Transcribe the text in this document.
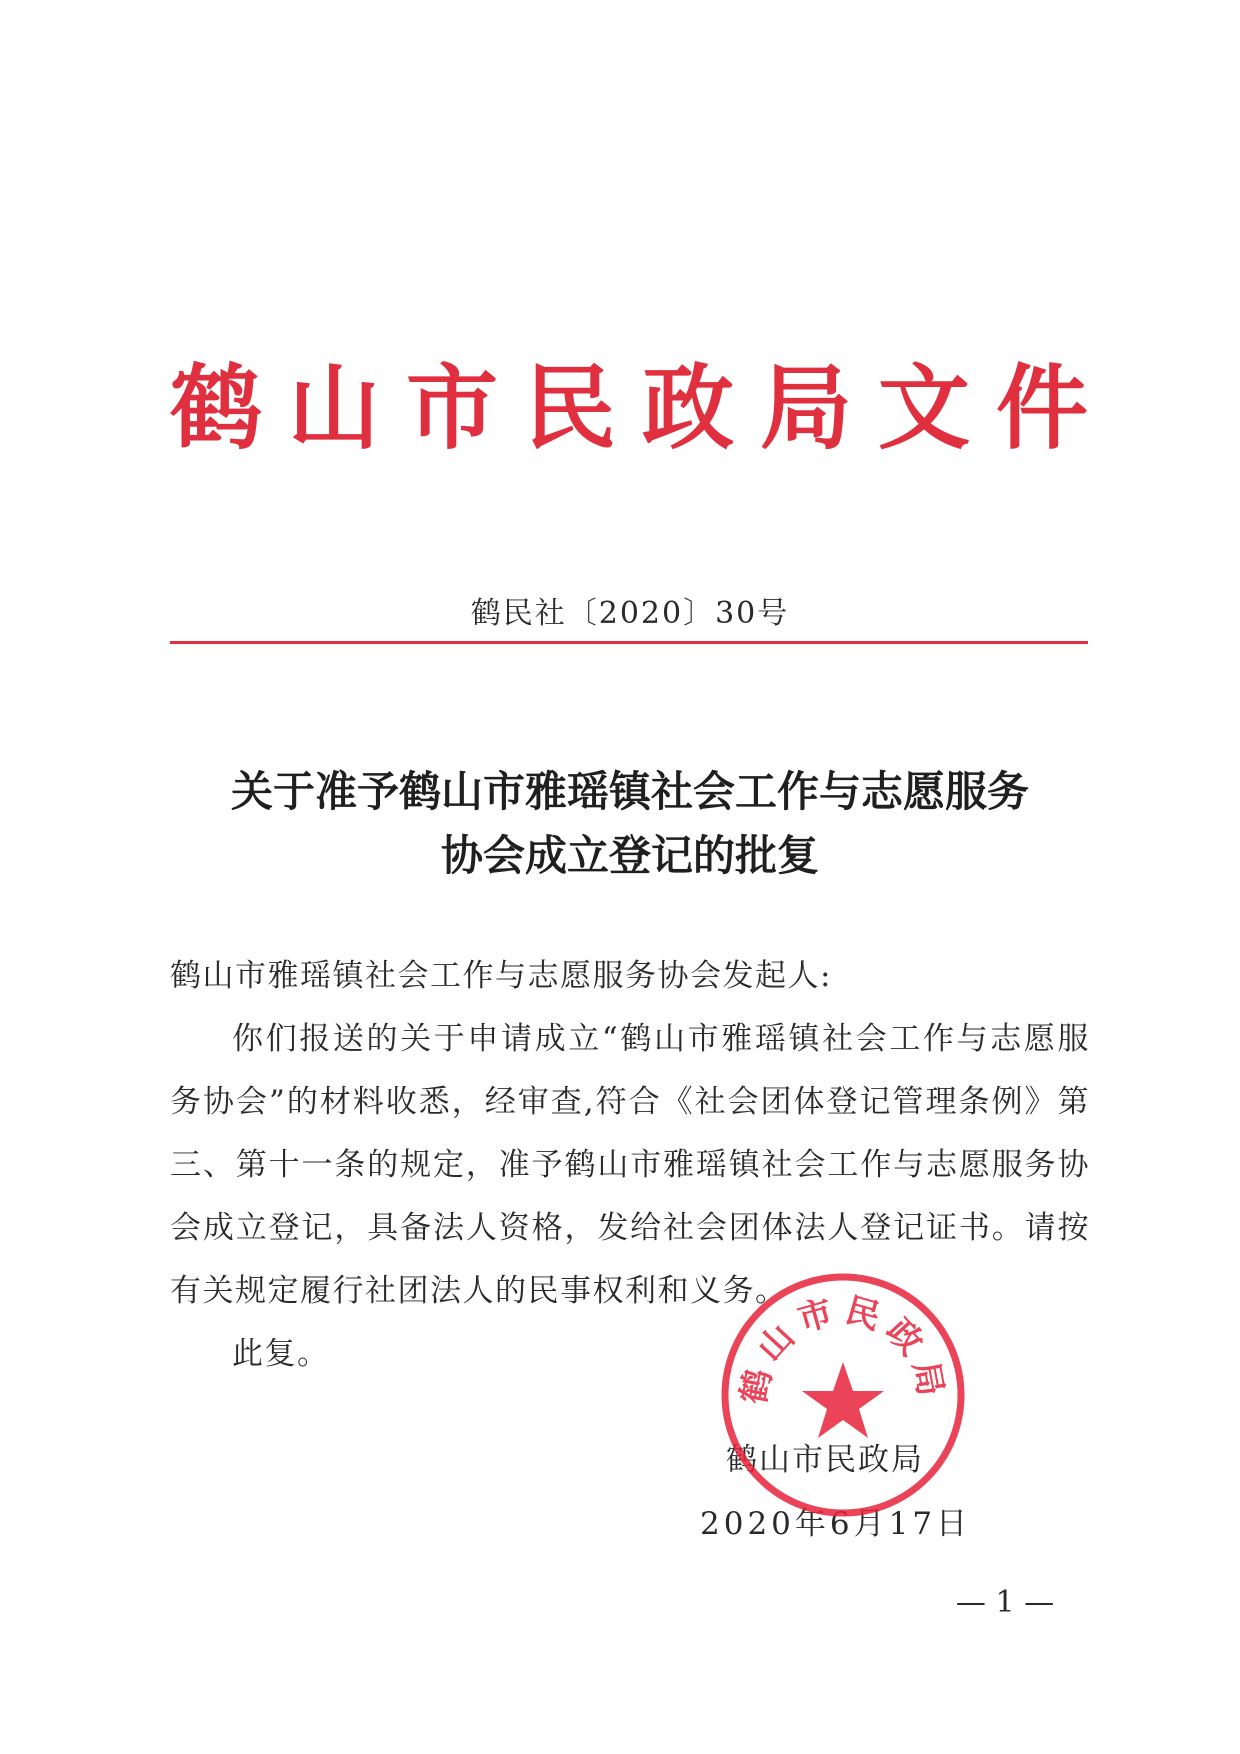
鹤山市民政局文件
鹤民社〔2020〕30号
关于准予鹤山市雅瑶镇社会工作与志愿服务
协会成立登记的批复

鹤山市雅瑶镇社会工作与志愿服务协会发起人:

你们报送的关于申请成立“鹤山市雅瑶镇社会工作与志愿服务协会”的材料收悉，经审查,符合《社会团体登记管理条例》第三、第十一条的规定，准予鹤山市雅瑶镇社会工作与志愿服务协会成立登记，具备法人资格，发给社会团体法人登记证书。请按有关规定履行社团法人的民事权利和义务。

此复。

鹤山市民政局
2020年6月17日
鹤山市民政局
— 1 —
